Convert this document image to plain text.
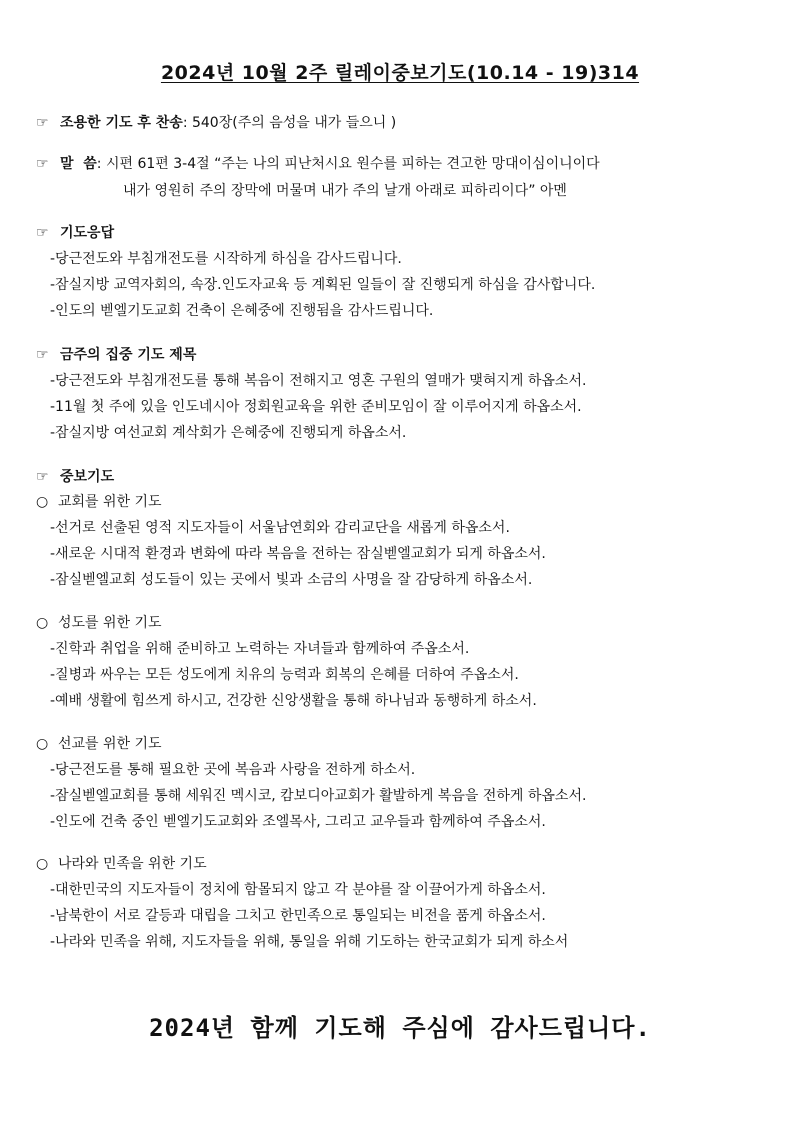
2024년 10월 2주 릴레이중보기도(10.14 - 19)314
☞ 조용한 기도 후 찬송: 540장(주의 음성을 내가 들으니 )
☞ 말  씀: 시편 61편 3-4절 “주는 나의 피난처시요 원수를 피하는 견고한 망대이심이니이다
내가 영원히 주의 장막에 머물며 내가 주의 날개 아래로 피하리이다” 아멘
☞ 기도응답
-당근전도와 부침개전도를 시작하게 하심을 감사드립니다.
-잠실지방 교역자회의, 속장.인도자교육 등 계획된 일들이 잘 진행되게 하심을 감사합니다.
-인도의 벧엘기도교회 건축이 은혜중에 진행됨을 감사드립니다.
☞ 금주의 집중 기도 제목
-당근전도와 부침개전도를 통해 복음이 전해지고 영혼 구원의 열매가 맺혀지게 하옵소서.
-11월 첫 주에 있을 인도네시아 정회원교육을 위한 준비모임이 잘 이루어지게 하옵소서.
-잠실지방 여선교회 계삭회가 은혜중에 진행되게 하옵소서.
☞ 중보기도
○ 교회를 위한 기도
-선거로 선출된 영적 지도자들이 서울남연회와 감리교단을 새롭게 하옵소서.
-새로운 시대적 환경과 변화에 따라 복음을 전하는 잠실벧엘교회가 되게 하옵소서.
-잠실벧엘교회 성도들이 있는 곳에서 빛과 소금의 사명을 잘 감당하게 하옵소서.
○ 성도를 위한 기도
-진학과 취업을 위해 준비하고 노력하는 자녀들과 함께하여 주옵소서.
-질병과 싸우는 모든 성도에게 치유의 능력과 회복의 은혜를 더하여 주옵소서.
-예배 생활에 힘쓰게 하시고, 건강한 신앙생활을 통해 하나님과 동행하게 하소서.
○ 선교를 위한 기도
-당근전도를 통해 필요한 곳에 복음과 사랑을 전하게 하소서.
-잠실벧엘교회를 통해 세워진 멕시코, 캄보디아교회가 활발하게 복음을 전하게 하옵소서.
-인도에 건축 중인 벧엘기도교회와 조엘목사, 그리고 교우들과 함께하여 주옵소서.
○ 나라와 민족을 위한 기도
-대한민국의 지도자들이 정치에 함몰되지 않고 각 분야를 잘 이끌어가게 하옵소서.
-남북한이 서로 갈등과 대립을 그치고 한민족으로 통일되는 비전을 품게 하옵소서.
-나라와 민족을 위해, 지도자들을 위해, 통일을 위해 기도하는 한국교회가 되게 하소서
2024년 함께 기도해 주심에 감사드립니다.
